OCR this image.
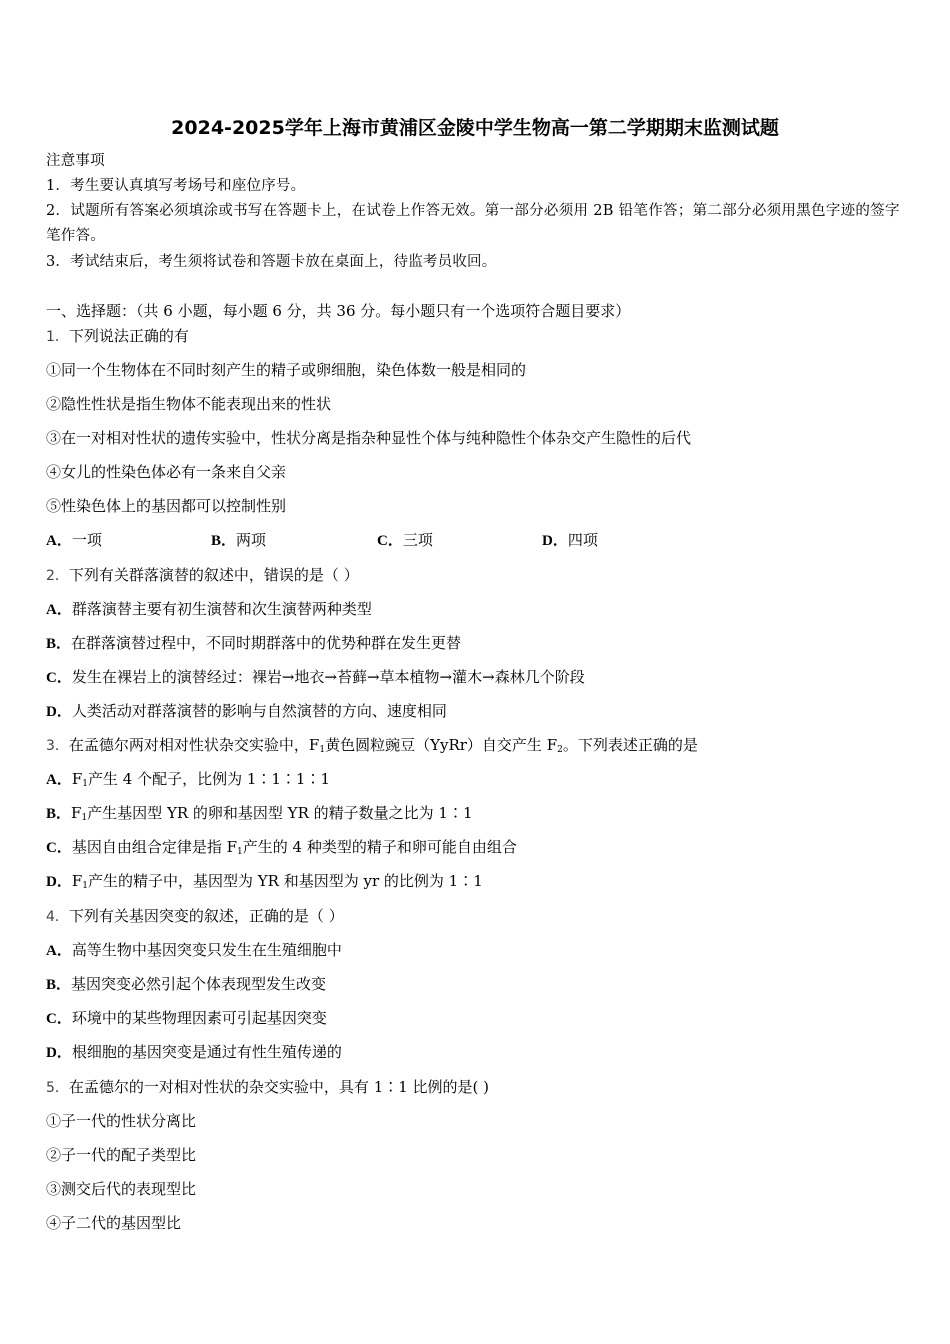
2024-2025学年上海市黄浦区金陵中学生物高一第二学期期末监测试题
注意事项
1．考生要认真填写考场号和座位序号。
2．试题所有答案必须填涂或书写在答题卡上，在试卷上作答无效。第一部分必须用 2B 铅笔作答；第二部分必须用黑色字迹的签字笔作答。
3．考试结束后，考生须将试卷和答题卡放在桌面上，待监考员收回。
一、选择题：（共 6 小题，每小题 6 分，共 36 分。每小题只有一个选项符合题目要求）
1．下列说法正确的有
①同一个生物体在不同时刻产生的精子或卵细胞，染色体数一般是相同的
②隐性性状是指生物体不能表现出来的性状
③在一对相对性状的遗传实验中，性状分离是指杂种显性个体与纯种隐性个体杂交产生隐性的后代
④女儿的性染色体必有一条来自父亲
⑤性染色体上的基因都可以控制性别
A．一项	B．两项	C．三项	D．四项
2．下列有关群落演替的叙述中，错误的是（ ）
A．群落演替主要有初生演替和次生演替两种类型
B．在群落演替过程中，不同时期群落中的优势种群在发生更替
C．发生在裸岩上的演替经过：裸岩→地衣→苔藓→草本植物→灌木→森林几个阶段
D．人类活动对群落演替的影响与自然演替的方向、速度相同
3．在孟德尔两对相对性状杂交实验中，$F_1$黄色圆粒豌豆（YyRr）自交产生 $F_2$。下列表述正确的是
A．$F_1$产生 4 个配子，比例为 1∶1∶1∶1
B．$F_1$产生基因型 YR 的卵和基因型 YR 的精子数量之比为 1∶1
C．基因自由组合定律是指 $F_1$产生的 4 种类型的精子和卵可能自由组合
D．$F_1$产生的精子中，基因型为 YR 和基因型为 yr 的比例为 1∶1
4．下列有关基因突变的叙述，正确的是（ ）
A．高等生物中基因突变只发生在生殖细胞中
B．基因突变必然引起个体表现型发生改变
C．环境中的某些物理因素可引起基因突变
D．根细胞的基因突变是通过有性生殖传递的
5．在孟德尔的一对相对性状的杂交实验中，具有 1∶1 比例的是( )
①子一代的性状分离比
②子一代的配子类型比
③测交后代的表现型比
④子二代的基因型比
